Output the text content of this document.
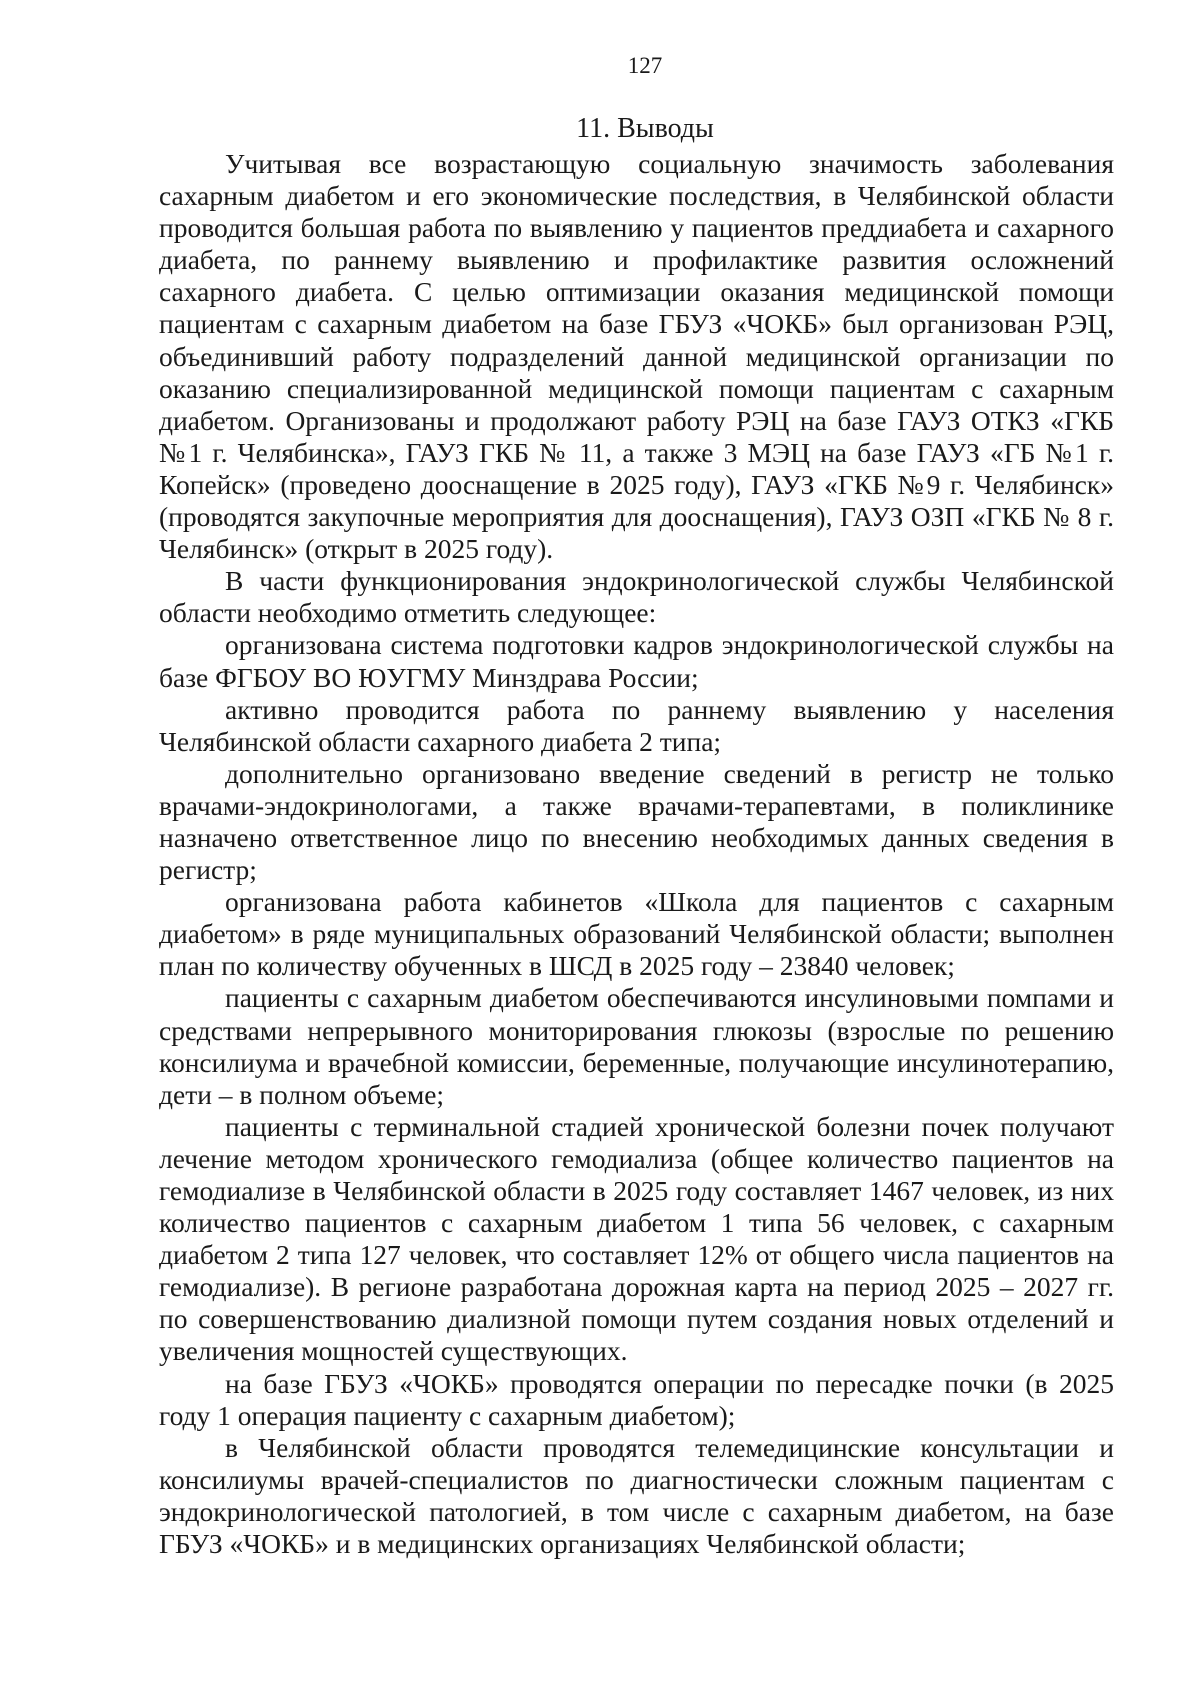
127
11. Выводы

Учитывая все возрастающую социальную значимость заболевания сахарным диабетом и его экономические последствия, в Челябинской области проводится большая работа по выявлению у пациентов преддиабета и сахарного диабета, по раннему выявлению и профилактике развития осложнений сахарного диабета. С целью оптимизации оказания медицинской помощи пациентам с сахарным диабетом на базе ГБУЗ «ЧОКБ» был организован РЭЦ, объединивший работу подразделений данной медицинской организации по оказанию специализированной медицинской помощи пациентам с сахарным диабетом. Организованы и продолжают работу РЭЦ на базе ГАУЗ ОТКЗ «ГКБ №1 г. Челябинска», ГАУЗ ГКБ № 11, а также 3 МЭЦ на базе ГАУЗ «ГБ №1 г. Копейск» (проведено дооснащение в 2025 году), ГАУЗ «ГКБ №9 г. Челябинск» (проводятся закупочные мероприятия для дооснащения), ГАУЗ ОЗП «ГКБ № 8 г. Челябинск» (открыт в 2025 году).

В части функционирования эндокринологической службы Челябинской области необходимо отметить следующее:

организована система подготовки кадров эндокринологической службы на базе ФГБОУ ВО ЮУГМУ Минздрава России;

активно проводится работа по раннему выявлению у населения Челябинской области сахарного диабета 2 типа;

дополнительно организовано введение сведений в регистр не только врачами-эндокринологами, а также врачами-терапевтами, в поликлинике назначено ответственное лицо по внесению необходимых данных сведения в регистр;

организована работа кабинетов «Школа для пациентов с сахарным диабетом» в ряде муниципальных образований Челябинской области; выполнен план по количеству обученных в ШСД в 2025 году – 23840 человек;

пациенты с сахарным диабетом обеспечиваются инсулиновыми помпами и средствами непрерывного мониторирования глюкозы (взрослые по решению консилиума и врачебной комиссии, беременные, получающие инсулинотерапию, дети – в полном объеме;

пациенты с терминальной стадией хронической болезни почек получают лечение методом хронического гемодиализа (общее количество пациентов на гемодиализе в Челябинской области в 2025 году составляет 1467 человек, из них количество пациентов с сахарным диабетом 1 типа 56 человек, с сахарным диабетом 2 типа 127 человек, что составляет 12% от общего числа пациентов на гемодиализе). В регионе разработана дорожная карта на период 2025 – 2027 гг. по совершенствованию диализной помощи путем создания новых отделений и увеличения мощностей существующих.

на базе ГБУЗ «ЧОКБ» проводятся операции по пересадке почки (в 2025 году 1 операция пациенту с сахарным диабетом);

в Челябинской области проводятся телемедицинские консультации и консилиумы врачей-специалистов по диагностически сложным пациентам с эндокринологической патологией, в том числе с сахарным диабетом, на базе ГБУЗ «ЧОКБ» и в медицинских организациях Челябинской области;
